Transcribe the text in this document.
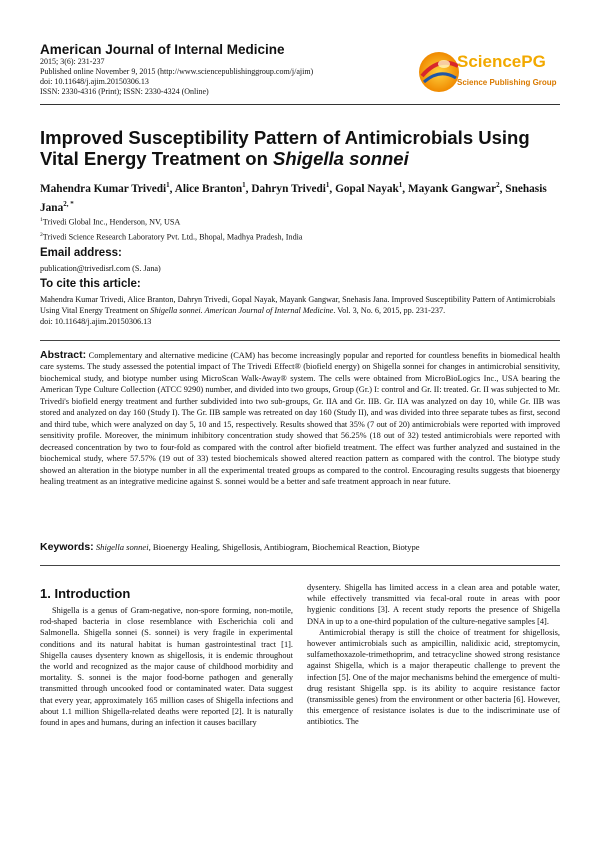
American Journal of Internal Medicine
2015; 3(6): 231-237
Published online November 9, 2015 (http://www.sciencepublishinggroup.com/j/ajim)
doi: 10.11648/j.ajim.20150306.13
ISSN: 2330-4316 (Print); ISSN: 2330-4324 (Online)
SciencePG
Science Publishing Group
Improved Susceptibility Pattern of Antimicrobials Using
Vital Energy Treatment on Shigella sonnei
Mahendra Kumar Trivedi$^1$, Alice Branton$^1$, Dahryn Trivedi$^1$, Gopal Nayak$^1$, Mayank Gangwar$^2$, Snehasis Jana$^{2, *}$
$^1$Trivedi Global Inc., Henderson, NV, USA
$^2$Trivedi Science Research Laboratory Pvt. Ltd., Bhopal, Madhya Pradesh, India
Email address:
publication@trivedisrl.com (S. Jana)
To cite this article:
Mahendra Kumar Trivedi, Alice Branton, Dahryn Trivedi, Gopal Nayak, Mayank Gangwar, Snehasis Jana. Improved Susceptibility Pattern of Antimicrobials Using Vital Energy Treatment on Shigella sonnei. American Journal of Internal Medicine. Vol. 3, No. 6, 2015, pp. 231-237.
doi: 10.11648/j.ajim.20150306.13
Abstract: Complementary and alternative medicine (CAM) has become increasingly popular and reported for countless benefits in biomedical health care systems. The study assessed the potential impact of The Trivedi Effect® (biofield energy) on Shigella sonnei for changes in antimicrobial sensitivity, biochemical study, and biotype number using MicroScan Walk-Away® system. The cells were obtained from MicroBioLogics Inc., USA bearing the American Type Culture Collection (ATCC 9290) number, and divided into two groups, Group (Gr.) I: control and Gr. II: treated. Gr. II was subjected to Mr. Trivedi's biofield energy treatment and further subdivided into two sub-groups, Gr. IIA and Gr. IIB. Gr. IIA was analyzed on day 10, while Gr. IIB was stored and analyzed on day 160 (Study I). The Gr. IIB sample was retreated on day 160 (Study II), and was divided into three separate tubes as first, second and third tube, which were analyzed on day 5, 10 and 15, respectively. Results showed that 35% (7 out of 20) antimicrobials were reported with improved sensitivity profile. Moreover, the minimum inhibitory concentration study showed that 56.25% (18 out of 32) tested antimicrobials were reported with decreased concentration by two to four-fold as compared with the control after biofield treatment. The effect was further analyzed and sustained in the biochemical study, where 57.57% (19 out of 33) tested biochemicals showed altered reaction pattern as compared with the control. The biotype study showed an alteration in the biotype number in all the experimental treated groups as compared to the control. Encouraging results suggests that bioenergy healing treatment as an integrative medicine against S. sonnei would be a better and safe treatment approach in near future.
Keywords: Shigella sonnei, Bioenergy Healing, Shigellosis, Antibiogram, Biochemical Reaction, Biotype
1. Introduction

Shigella is a genus of Gram-negative, non-spore forming, non-motile, rod-shaped bacteria in close resemblance with Escherichia coli and Salmonella. Shigella sonnei (S. sonnei) is very fragile in experimental conditions and its natural habitat is human gastrointestinal tract [1]. Shigella causes dysentery known as shigellosis, it is endemic throughout the world and recognized as the major cause of childhood morbidity and mortality. S. sonnei is the major food-borne pathogen and generally transmitted through uncooked food or contaminated water. Data suggest that every year, approximately 165 million cases of Shigella infections and about 1.1 million Shigella-related deaths were reported [2]. It is naturally found in apes and humans, during an infection it causes bacillary

dysentery. Shigella has limited access in a clean area and potable water, while effectively transmitted via fecal-oral route in areas with poor hygienic conditions [3]. A recent study reports the presence of Shigella DNA in up to a one-third population of the culture-negative samples [4].

Antimicrobial therapy is still the choice of treatment for shigellosis, however antimicrobials such as ampicillin, nalidixic acid, streptomycin, sulfamethoxazole-trimethoprim, and tetracycline showed strong resistance against Shigella, which is a major therapeutic challenge to prevent the infection [5]. One of the major mechanisms behind the emergence of multi-drug resistant Shigella spp. is its ability to acquire resistance factor (transmissible genes) from the environment or other bacteria [6]. However, this emergence of resistance isolates is due to the indiscriminate use of antibiotics. The
